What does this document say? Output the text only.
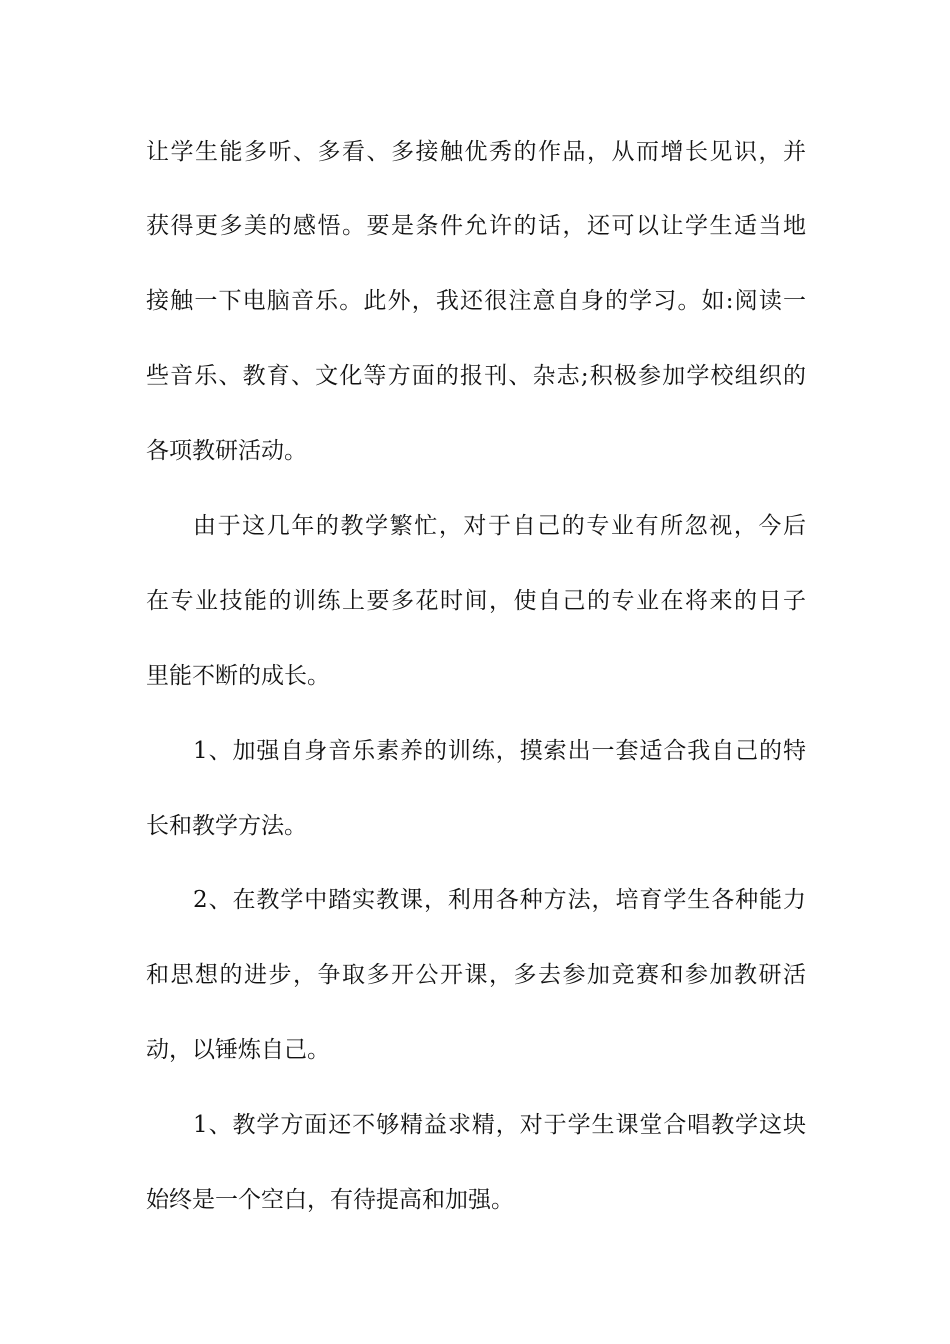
让学生能多听、多看、多接触优秀的作品，从而增长见识，并
获得更多美的感悟。要是条件允许的话，还可以让学生适当地
接触一下电脑音乐。此外，我还很注意自身的学习。如:阅读一
些音乐、教育、文化等方面的报刊、杂志;积极参加学校组织的
各项教研活动。
由于这几年的教学繁忙，对于自己的专业有所忽视，今后
在专业技能的训练上要多花时间，使自己的专业在将来的日子
里能不断的成长。
1、加强自身音乐素养的训练，摸索出一套适合我自己的特
长和教学方法。
2、在教学中踏实教课，利用各种方法，培育学生各种能力
和思想的进步，争取多开公开课，多去参加竞赛和参加教研活
动，以锤炼自己。
1、教学方面还不够精益求精，对于学生课堂合唱教学这块
始终是一个空白，有待提高和加强。
